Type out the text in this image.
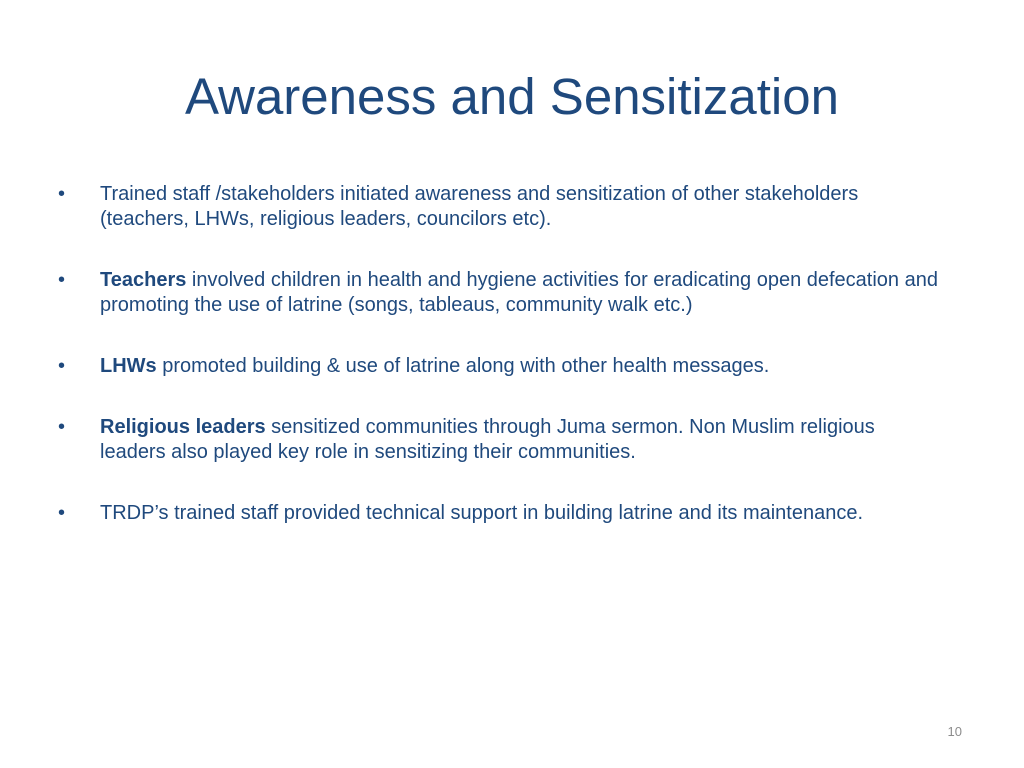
Awareness and Sensitization
• Trained staff /stakeholders initiated awareness and sensitization of other stakeholders (teachers, LHWs, religious leaders, councilors etc).
• Teachers involved children in health and hygiene activities for eradicating open defecation and promoting the use of latrine (songs, tableaus, community walk etc.)
• LHWs promoted building & use of latrine along with other health messages.
• Religious leaders sensitized communities through Juma sermon. Non Muslim religious leaders also played key role in sensitizing their communities.
• TRDP’s trained staff provided technical support in building latrine and its maintenance.
10
